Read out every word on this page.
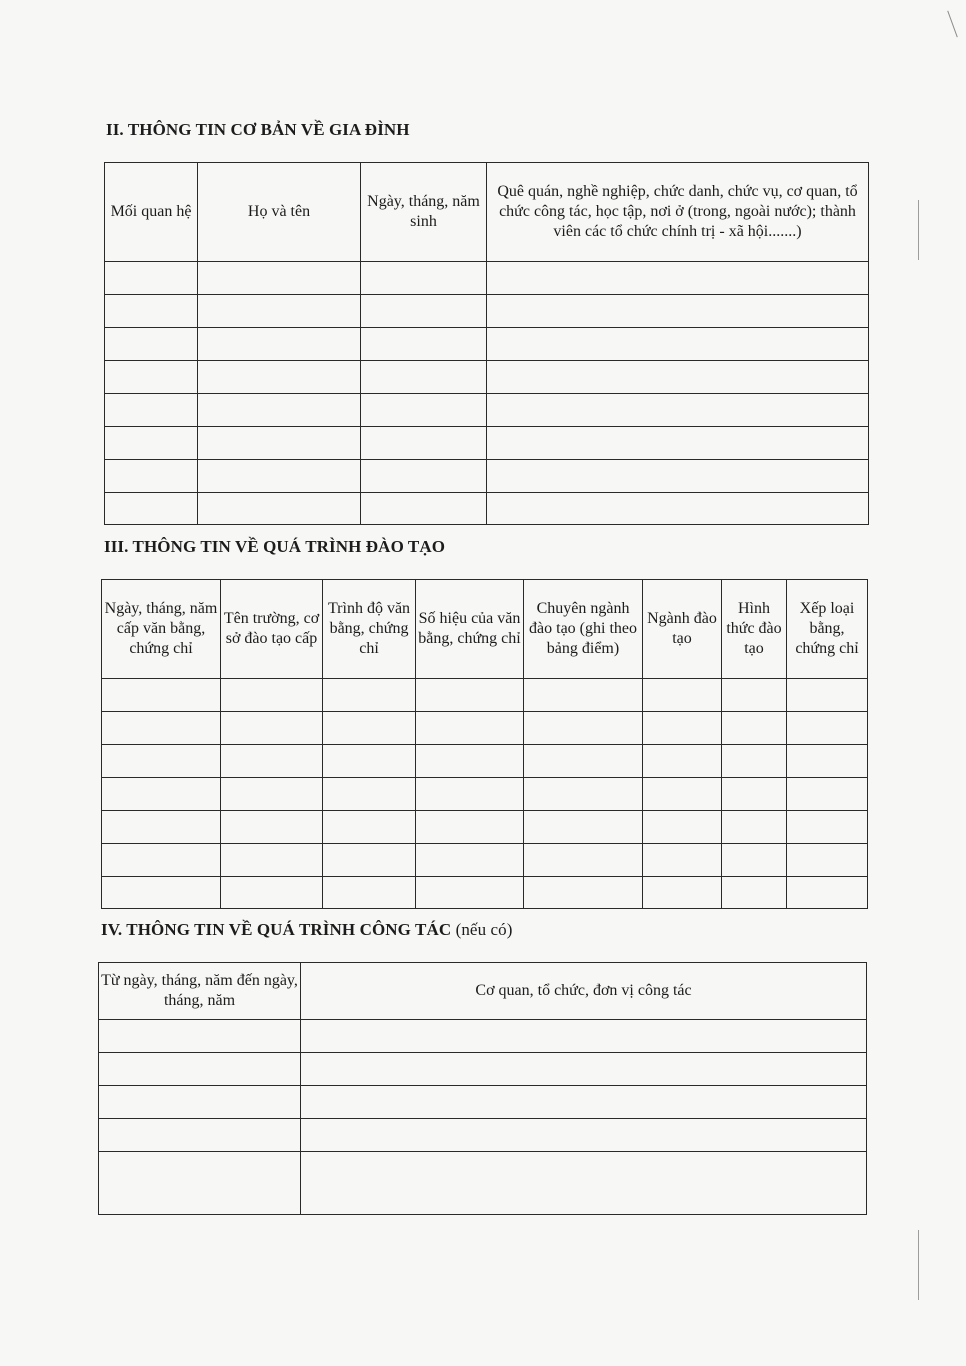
II. THÔNG TIN CƠ BẢN VỀ GIA ĐÌNH
Mối quan hệ	Họ và tên	Ngày, tháng, năm sinh	Quê quán, nghề nghiệp, chức danh, chức vụ, cơ quan, tổ chức công tác, học tập, nơi ở (trong, ngoài nước); thành viên các tổ chức chính trị - xã hội.......)

III. THÔNG TIN VỀ QUÁ TRÌNH ĐÀO TẠO
Ngày, tháng, năm cấp văn bằng, chứng chỉ	Tên trường, cơ sở đào tạo cấp	Trình độ văn bằng, chứng chỉ	Số hiệu của văn bằng, chứng chỉ	Chuyên ngành đào tạo (ghi theo bảng điểm)	Ngành đào tạo	Hình thức đào tạo	Xếp loại bằng, chứng chỉ

IV. THÔNG TIN VỀ QUÁ TRÌNH CÔNG TÁC (nếu có)
Từ ngày, tháng, năm đến ngày, tháng, năm	Cơ quan, tổ chức, đơn vị công tác
